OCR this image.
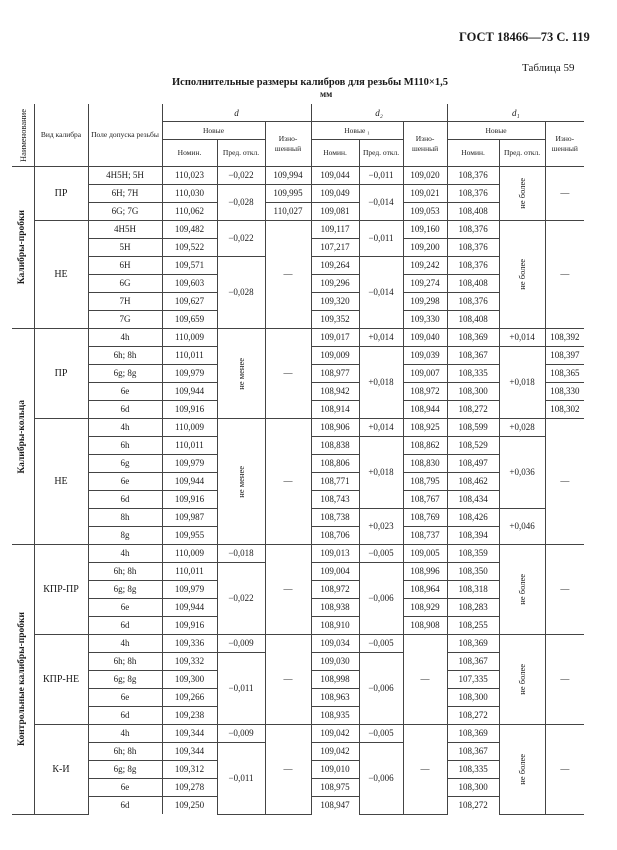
ГОСТ 18466—73 С. 119
Таблица 59
Исполнительные размеры калибров для резьбы М110×1,5
мм
Наименование	Вид калибра	Поле допуска резьбы	d			d₂			d₁		
			Новые		Изно-шенный	Новые ₁		Изно-шенный	Новые		Изно-шенный
			Номин.	Пред. откл.		Номин.	Пред. откл.		Номин.	Пред. откл.	

Калибры-пробки	ПР	4Н5Н; 5Н	110,023	−0,022	109,994	109,044	−0,011	109,020	108,376	не более	—
		6Н; 7Н	110,030	−0,028	109,995	109,049	−0,014	109,021	108,376		
		6G; 7G	110,062		110,027	109,081		109,053	108,408		
	НЕ	4Н5Н	109,482	−0,022	—	109,117	−0,011	109,160	108,376	не более	—
		5Н	109,522			107,217		109,200	108,376		
		6Н	109,571	−0,028		109,264	−0,014	109,242	108,376		
		6G	109,603			109,296		109,274	108,408		
		7Н	109,627			109,320		109,298	108,376		
		7G	109,659			109,352		109,330	108,408		

Калибры-кольца	ПР	4h	110,009	не менее	—	109,017	+0,014	109,040	108,369	+0,014	108,392
		6h; 8h	110,011			109,009	+0,018	109,039	108,367	+0,018	108,397
		6g; 8g	109,979			108,977		109,007	108,335		108,365
		6e	109,944			108,942		108,972	108,300		108,330
		6d	109,916			108,914		108,944	108,272		108,302
	НЕ	4h	110,009	не менее	—	108,906	+0,014	108,925	108,599	+0,028	—
		6h	110,011			108,838	+0,018	108,862	108,529	+0,036	
		6g	109,979			108,806		108,830	108,497		
		6e	109,944			108,771		108,795	108,462		
		6d	109,916			108,743		108,767	108,434		
		8h	109,987			108,738	+0,023	108,769	108,426	+0,046	
		8g	109,955			108,706		108,737	108,394		

Контрольные калибры-пробки	КПР-ПР	4h	110,009	−0,018	—	109,013	−0,005	109,005	108,359	не более	—
		6h; 8h	110,011	−0,022		109,004	−0,006	108,996	108,350		
		6g; 8g	109,979			108,972		108,964	108,318		
		6e	109,944			108,938		108,929	108,283		
		6d	109,916			108,910		108,908	108,255		
	КПР-НЕ	4h	109,336	−0,009	—	109,034	−0,005	—	108,369	не более	—
		6h; 8h	109,332	−0,011		109,030	−0,006		108,367		
		6g; 8g	109,300			108,998			107,335		
		6e	109,266			108,963			108,300		
		6d	109,238			108,935			108,272		
	К-И	4h	109,344	−0,009	—	109,042	−0,005	—	108,369	не более	—
		6h; 8h	109,344	−0,011		109,042	−0,006		108,367		
		6g; 8g	109,312			109,010			108,335		
		6e	109,278			108,975			108,300		
		6d	109,250			108,947			108,272		
